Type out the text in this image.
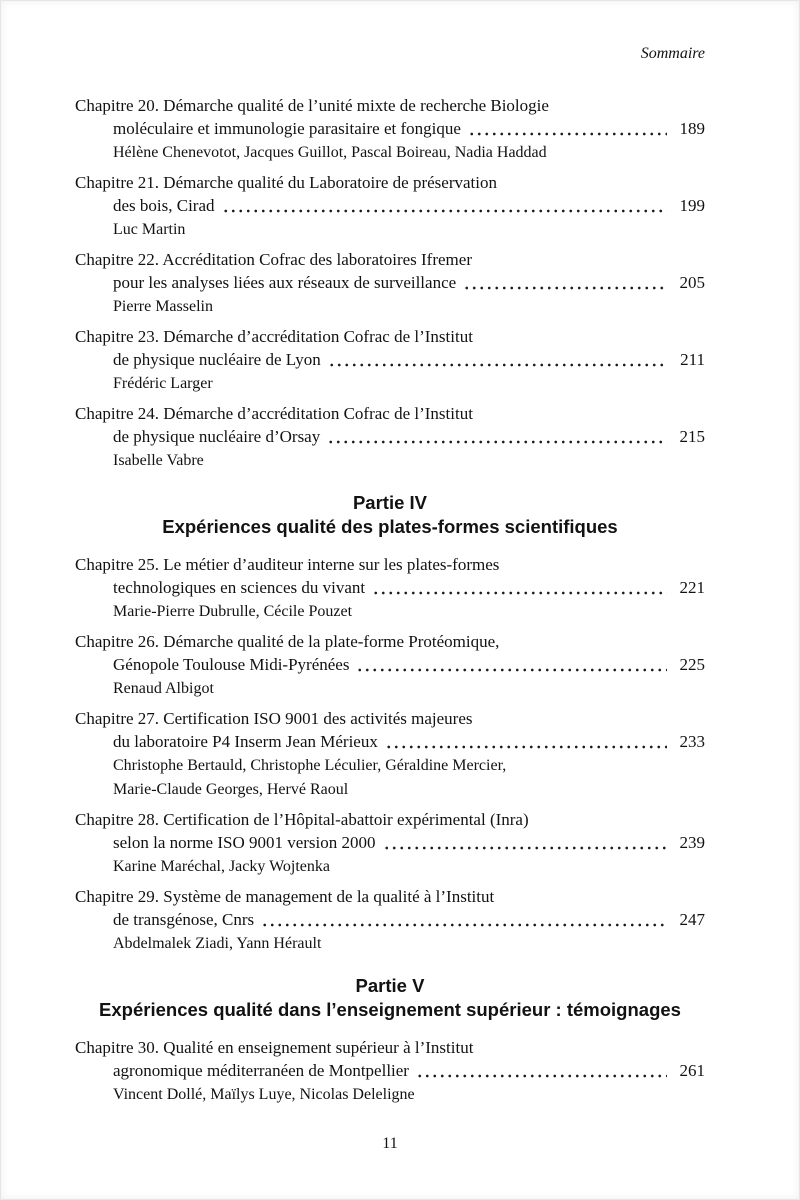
Sommaire
Chapitre 20. Démarche qualité de l’unité mixte de recherche Biologie
moléculaire et immunologie parasitaire et fongique	189
Hélène Chenevotot, Jacques Guillot, Pascal Boireau, Nadia Haddad
Chapitre 21. Démarche qualité du Laboratoire de préservation
des bois, Cirad	199
Luc Martin
Chapitre 22. Accréditation Cofrac des laboratoires Ifremer
pour les analyses liées aux réseaux de surveillance	205
Pierre Masselin
Chapitre 23. Démarche d’accréditation Cofrac de l’Institut
de physique nucléaire de Lyon	211
Frédéric Larger
Chapitre 24. Démarche d’accréditation Cofrac de l’Institut
de physique nucléaire d’Orsay	215
Isabelle Vabre
Partie IV
Expériences qualité des plates-formes scientifiques
Chapitre 25. Le métier d’auditeur interne sur les plates-formes
technologiques en sciences du vivant	221
Marie-Pierre Dubrulle, Cécile Pouzet
Chapitre 26. Démarche qualité de la plate-forme Protéomique,
Génopole Toulouse Midi-Pyrénées	225
Renaud Albigot
Chapitre 27. Certification ISO 9001 des activités majeures
du laboratoire P4 Inserm Jean Mérieux	233
Christophe Bertauld, Christophe Léculier, Géraldine Mercier,
Marie-Claude Georges, Hervé Raoul
Chapitre 28. Certification de l’Hôpital-abattoir expérimental (Inra)
selon la norme ISO 9001 version 2000	239
Karine Maréchal, Jacky Wojtenka
Chapitre 29. Système de management de la qualité à l’Institut
de transgénose, Cnrs	247
Abdelmalek Ziadi, Yann Hérault
Partie V
Expériences qualité dans l’enseignement supérieur : témoignages
Chapitre 30. Qualité en enseignement supérieur à l’Institut
agronomique méditerranéen de Montpellier	261
Vincent Dollé, Maïlys Luye, Nicolas Deleligne
11
